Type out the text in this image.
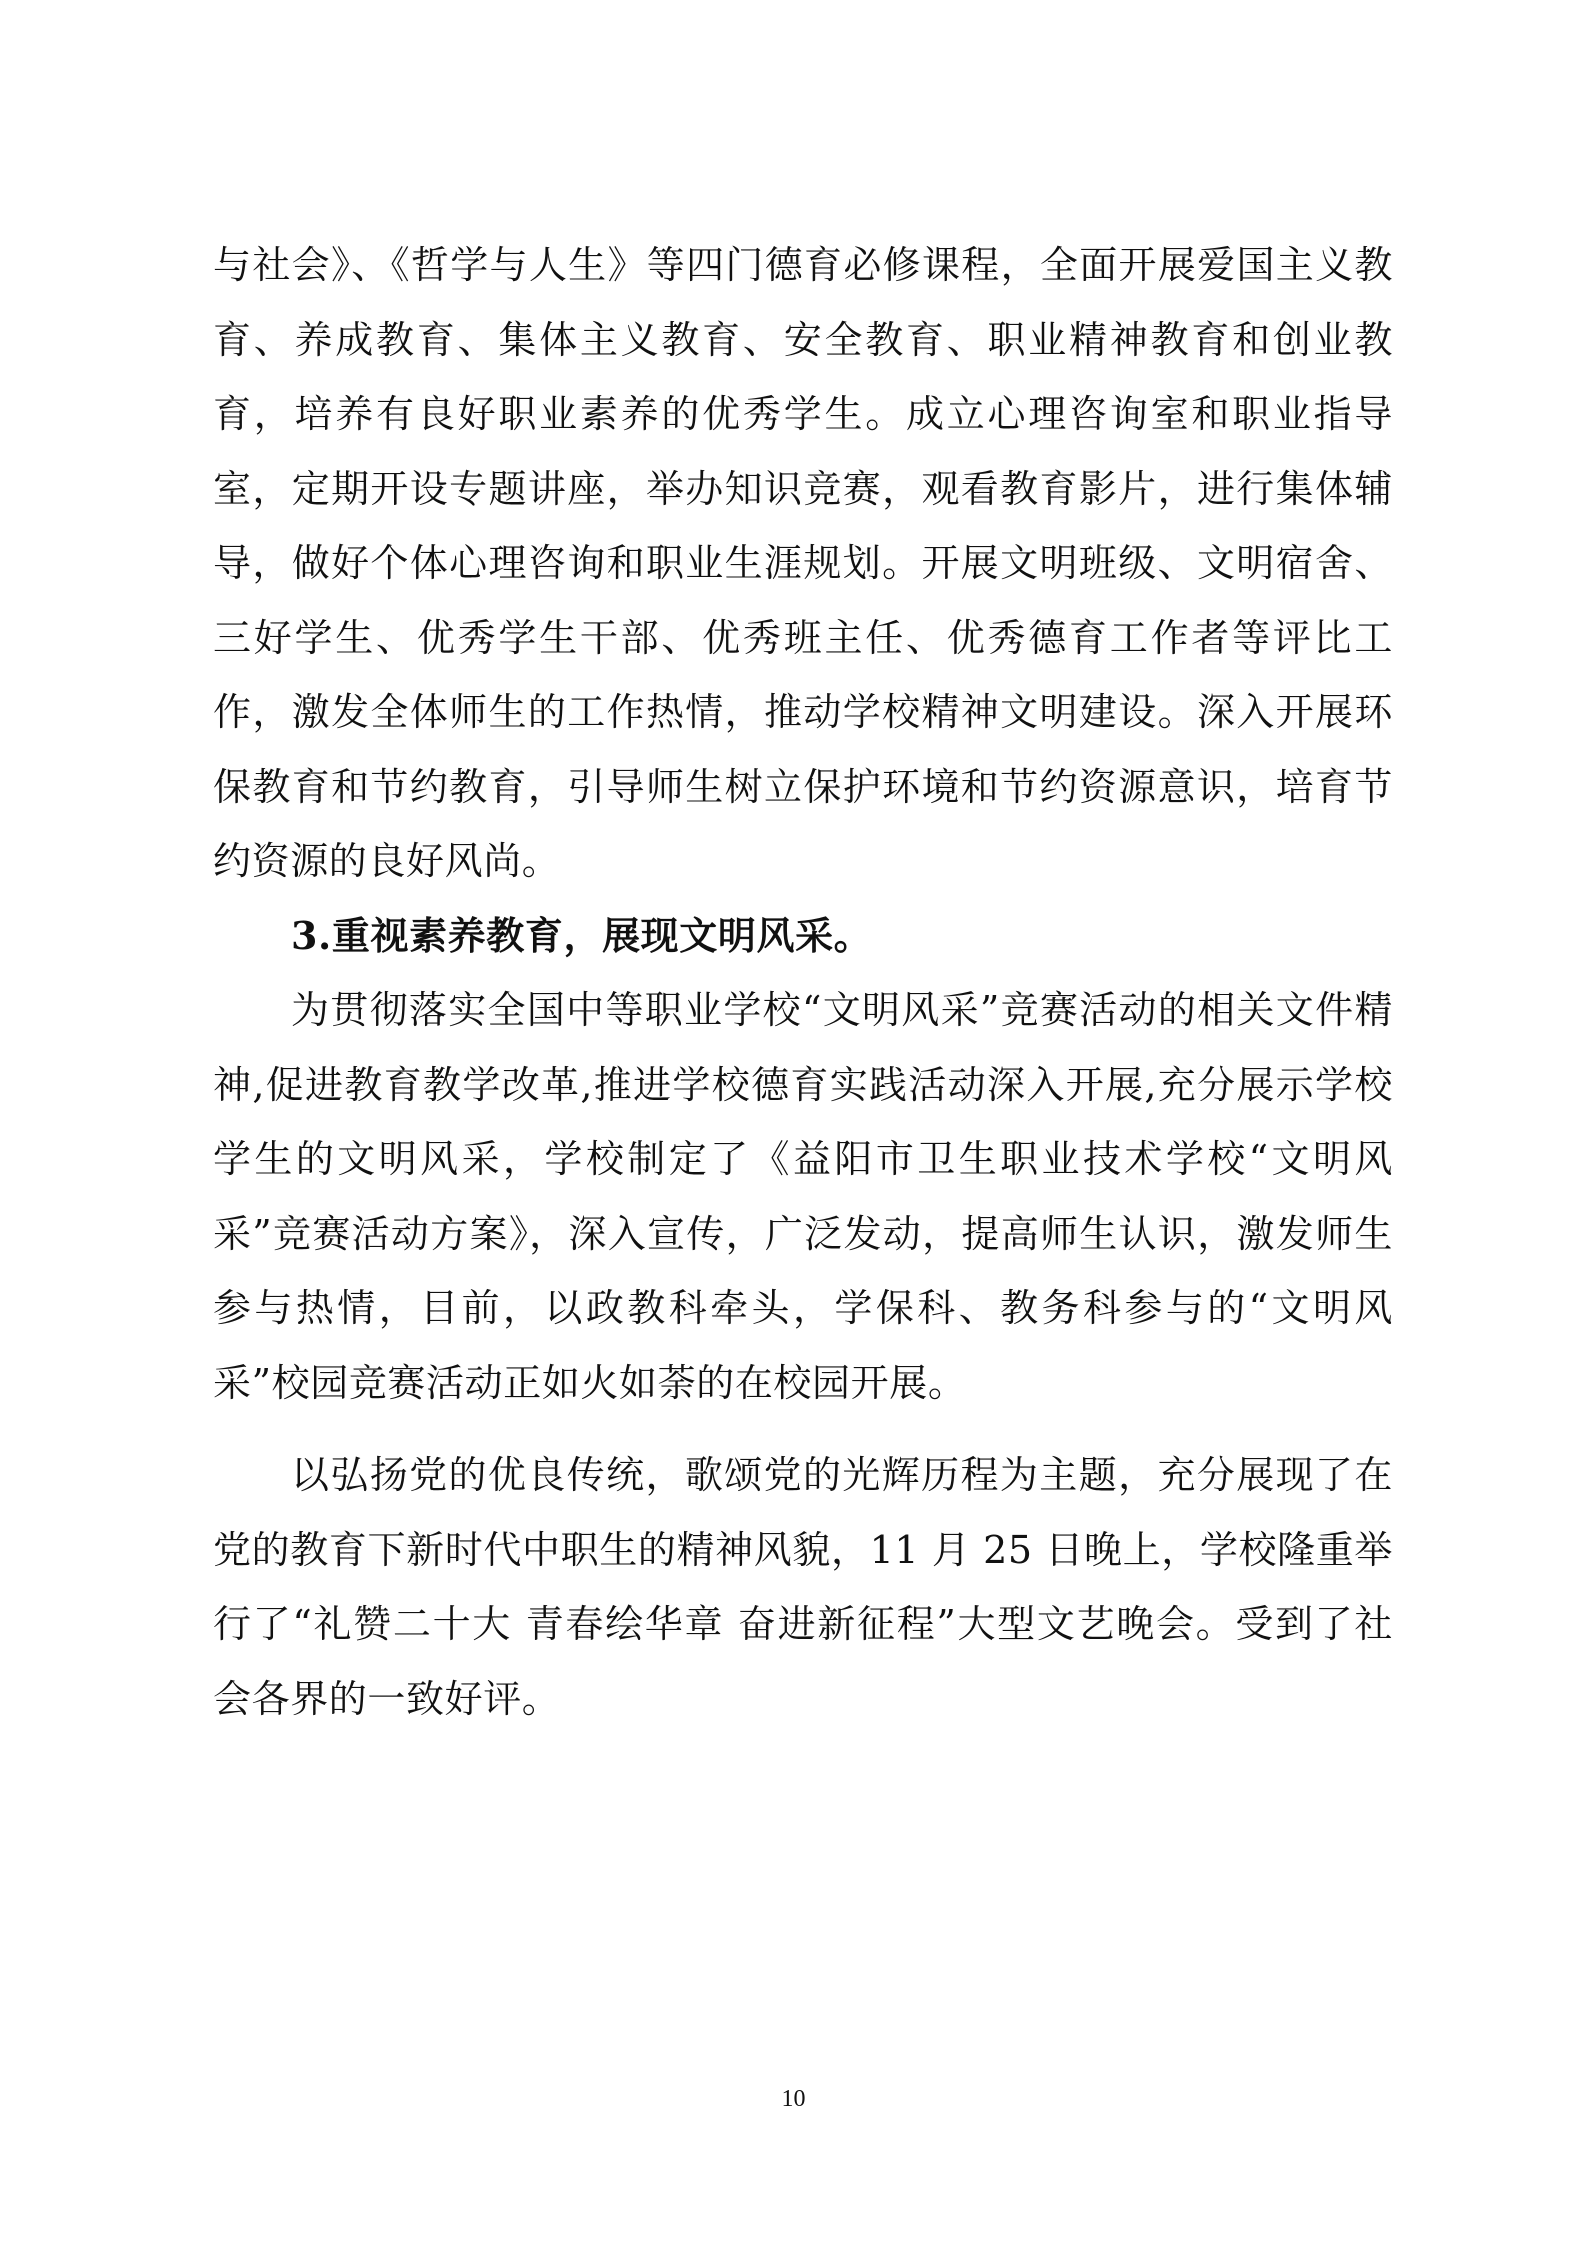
与社会》、《哲学与人生》等四门德育必修课程，全面开展爱国主义教育、养成教育、集体主义教育、安全教育、职业精神教育和创业教育，培养有良好职业素养的优秀学生。成立心理咨询室和职业指导室，定期开设专题讲座，举办知识竞赛，观看教育影片，进行集体辅导，做好个体心理咨询和职业生涯规划。开展文明班级、文明宿舍、三好学生、优秀学生干部、优秀班主任、优秀德育工作者等评比工作，激发全体师生的工作热情，推动学校精神文明建设。深入开展环保教育和节约教育，引导师生树立保护环境和节约资源意识，培育节约资源的良好风尚。

3.重视素养教育，展现文明风采。

为贯彻落实全国中等职业学校“文明风采”竞赛活动的相关文件精神,促进教育教学改革,推进学校德育实践活动深入开展,充分展示学校学生的文明风采，学校制定了《益阳市卫生职业技术学校“文明风采”竞赛活动方案》，深入宣传，广泛发动，提高师生认识，激发师生参与热情，目前，以政教科牵头，学保科、教务科参与的“文明风采”校园竞赛活动正如火如荼的在校园开展。

以弘扬党的优良传统，歌颂党的光辉历程为主题，充分展现了在党的教育下新时代中职生的精神风貌，11 月 25 日晚上，学校隆重举行了“礼赞二十大 青春绘华章 奋进新征程”大型文艺晚会。受到了社会各界的一致好评。

10
